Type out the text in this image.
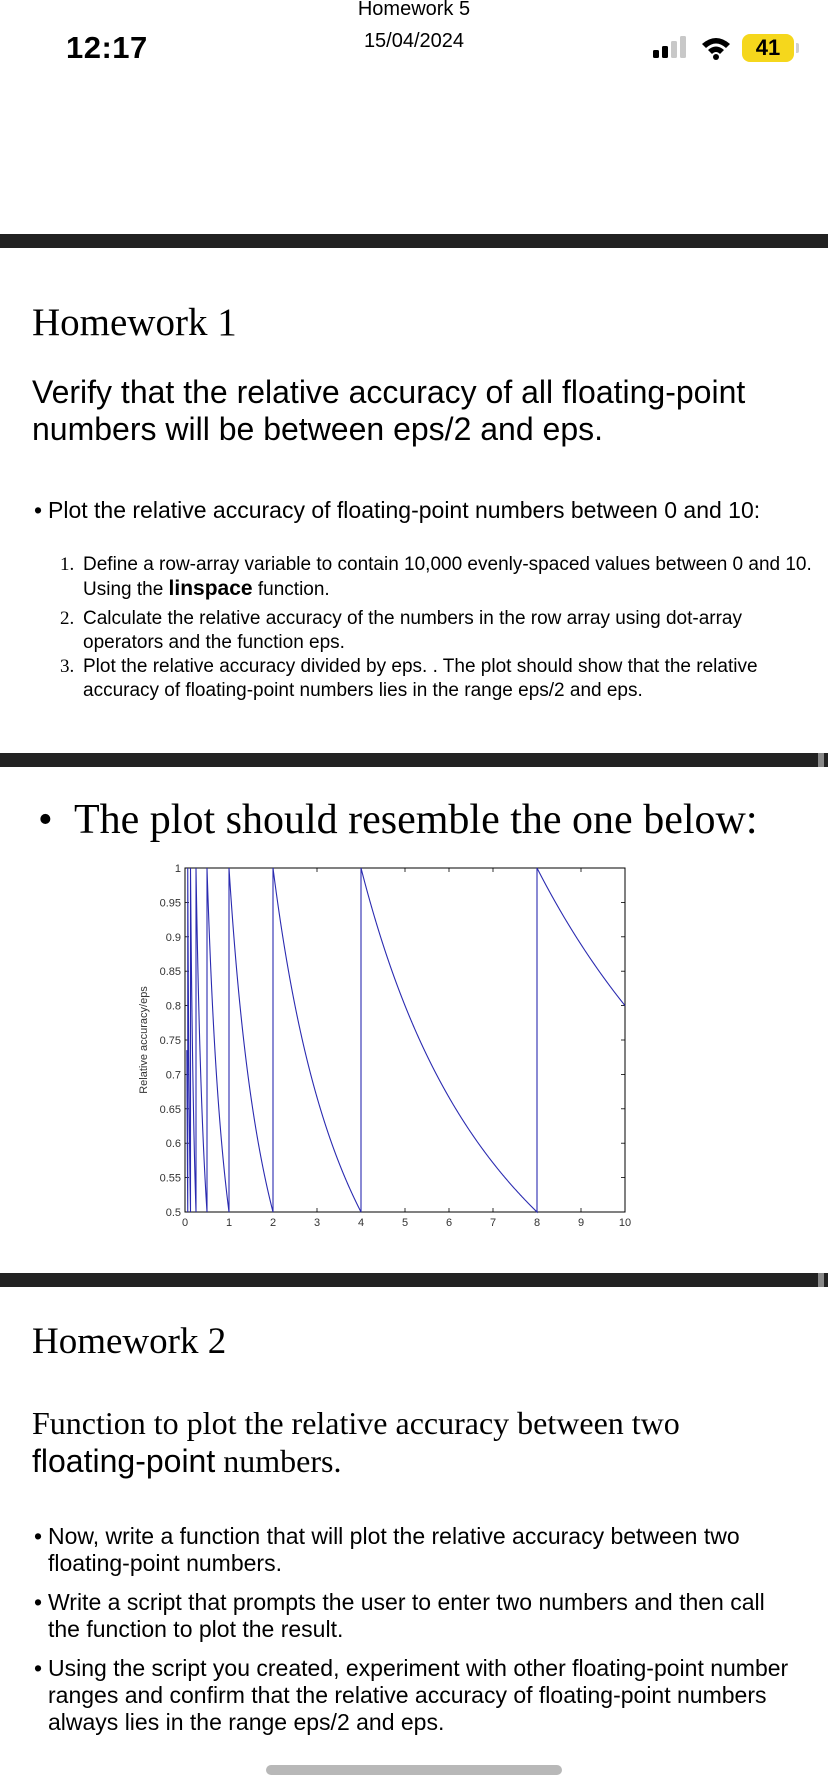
12:17
Homework 5
15/04/2024	41
Homework 1
Verify that the relative accuracy of all floating-point numbers will be between eps/2 and eps.
• Plot the relative accuracy of floating-point numbers between 0 and 10:
1. Define a row-array variable to contain 10,000 evenly-spaced values between 0 and 10. Using the linspace function.
2. Calculate the relative accuracy of the numbers in the row array using dot-array operators and the function eps.
3. Plot the relative accuracy divided by eps. . The plot should show that the relative accuracy of floating-point numbers lies in the range eps/2 and eps.
• The plot should resemble the one below:
0	1	2	3	4	5	6	7	8	9	10
0.5
0.55
0.6
0.65
0.7
0.75
0.8
0.85
0.9
0.95
1
Relative accuracy/eps
Homework 2
Function to plot the relative accuracy between two
floating-point numbers.
• Now, write a function that will plot the relative accuracy between two floating-point numbers.
• Write a script that prompts the user to enter two numbers and then call the function to plot the result.
• Using the script you created, experiment with other floating-point number ranges and confirm that the relative accuracy of floating-point numbers always lies in the range eps/2 and eps.
